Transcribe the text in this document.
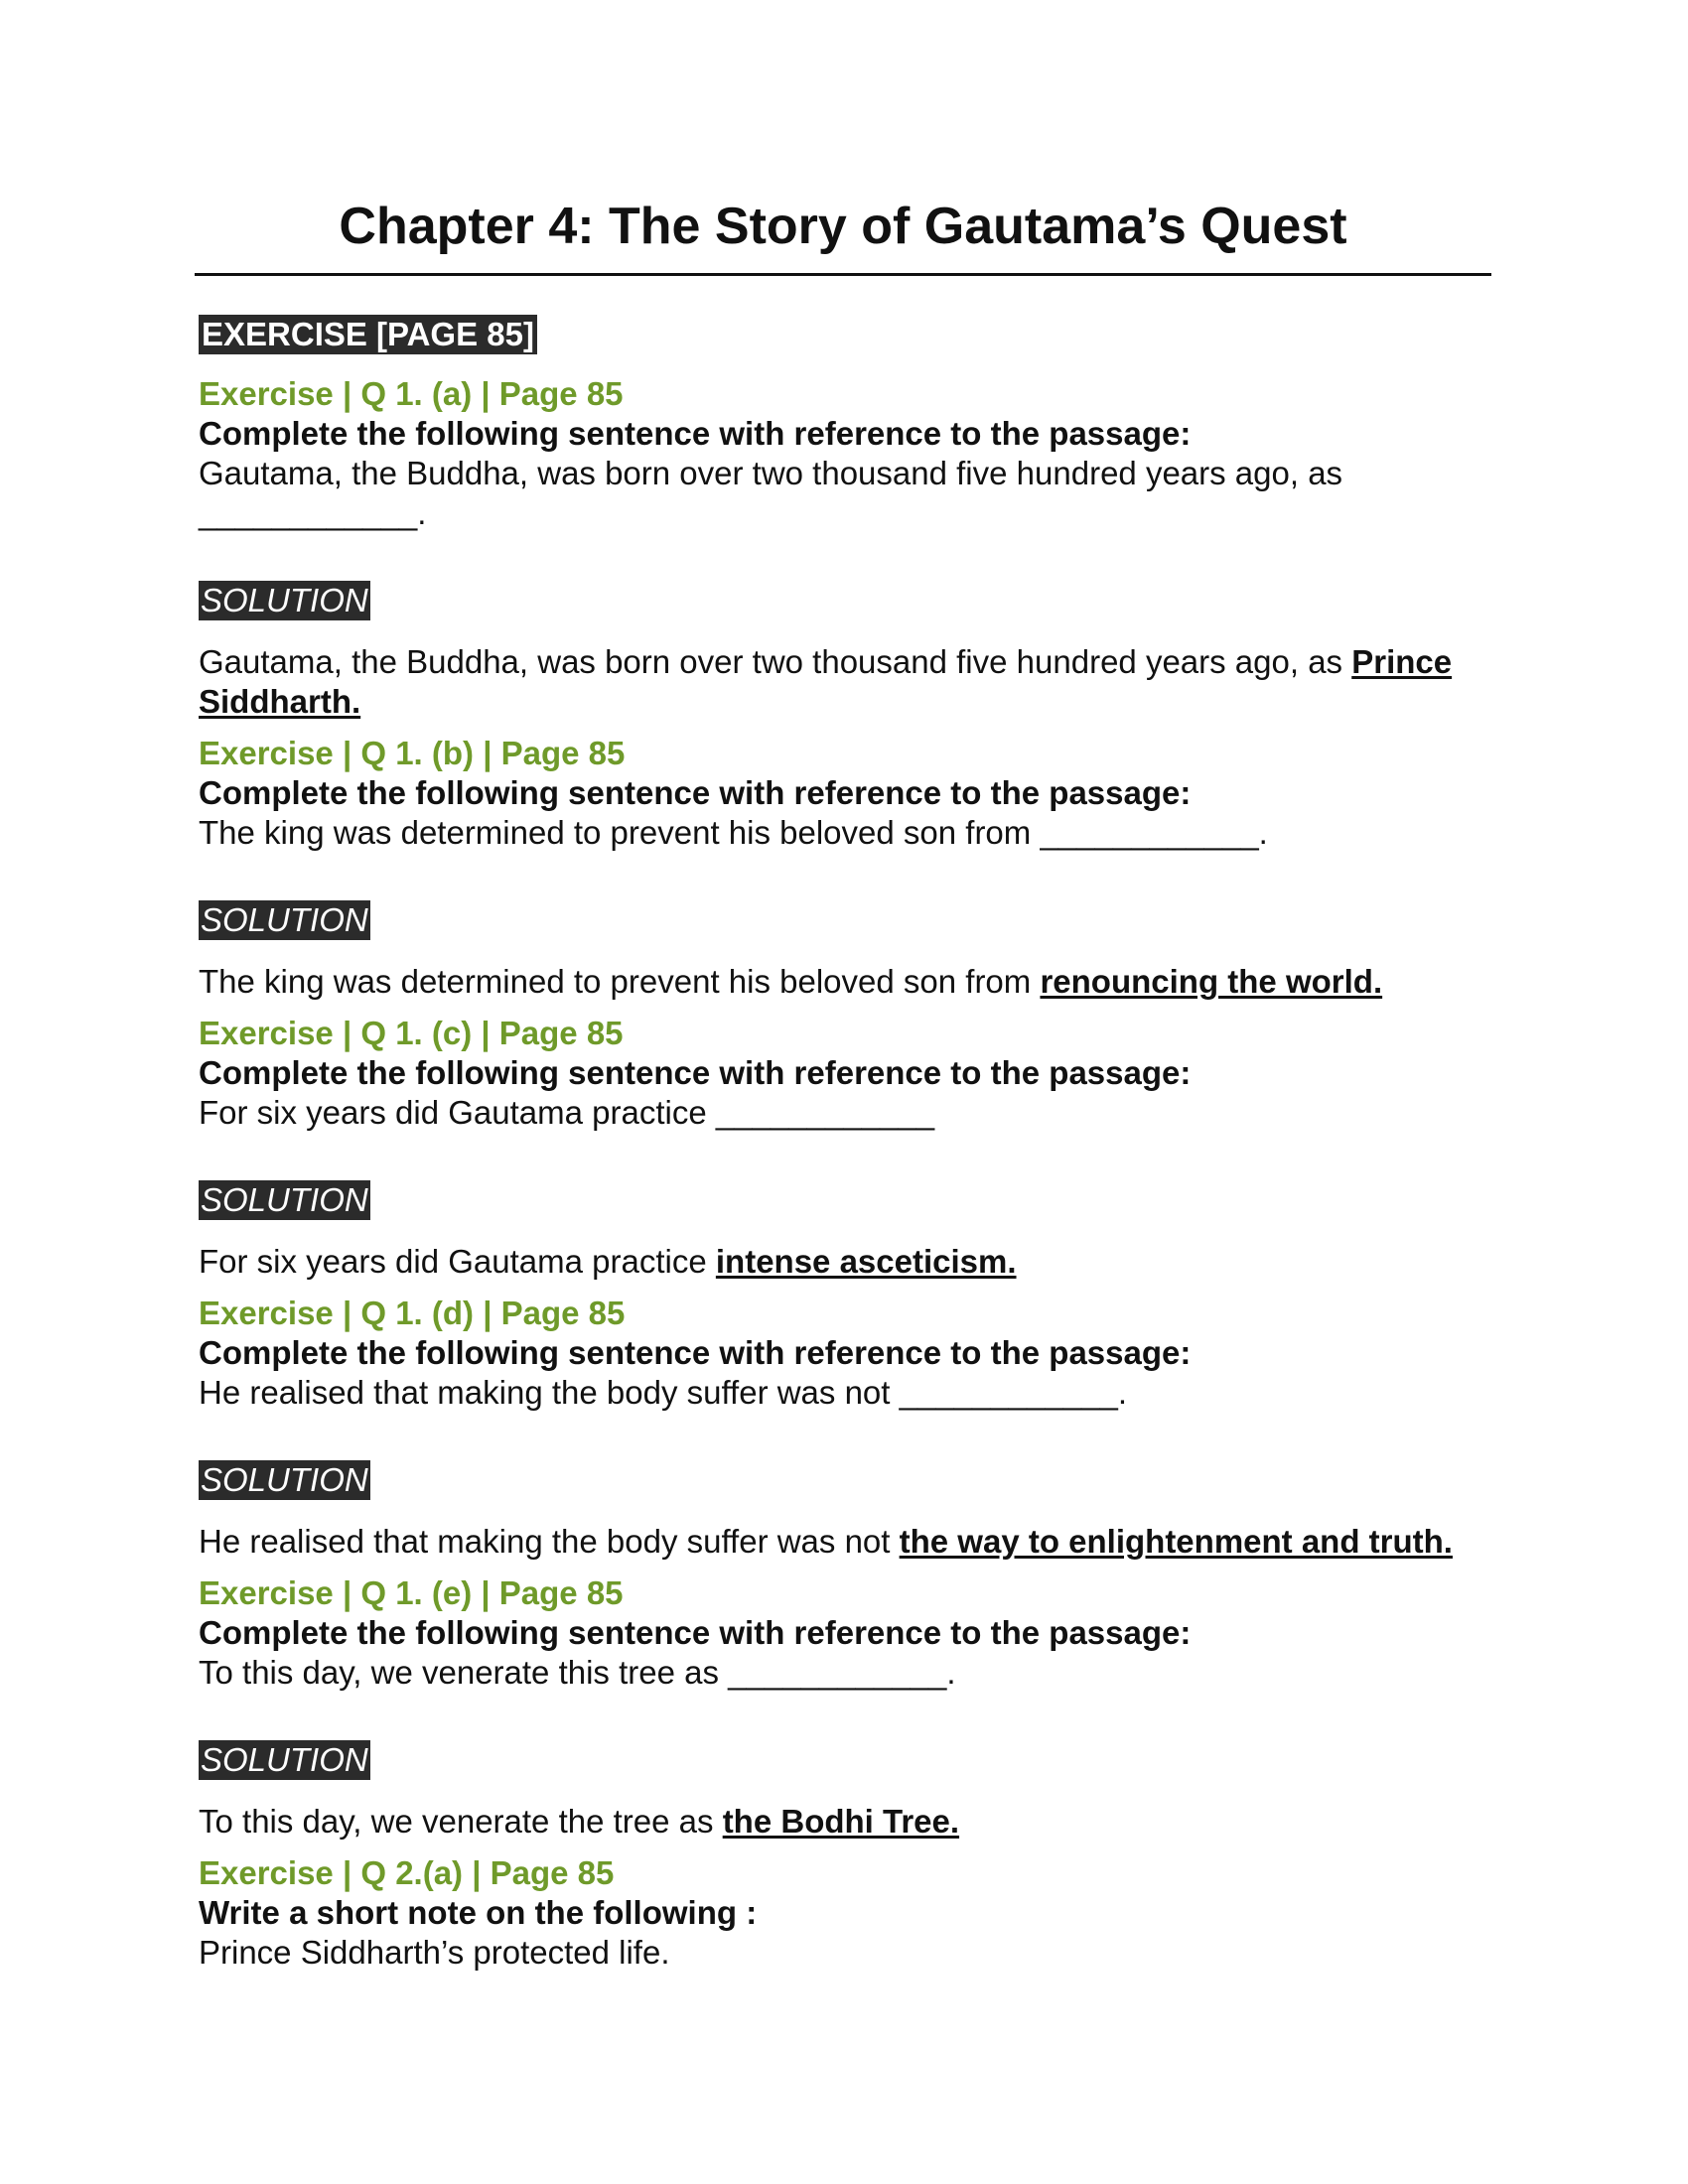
Chapter 4: The Story of Gautama’s Quest
EXERCISE [PAGE 85]
Exercise | Q 1. (a) | Page 85
Complete the following sentence with reference to the passage:
Gautama, the Buddha, was born over two thousand five hundred years ago, as ____________.
SOLUTION
Gautama, the Buddha, was born over two thousand five hundred years ago, as Prince Siddharth.
Exercise | Q 1. (b) | Page 85
Complete the following sentence with reference to the passage:
The king was determined to prevent his beloved son from ____________.
SOLUTION
The king was determined to prevent his beloved son from renouncing the world.
Exercise | Q 1. (c) | Page 85
Complete the following sentence with reference to the passage:
For six years did Gautama practice ____________
SOLUTION
For six years did Gautama practice intense asceticism.
Exercise | Q 1. (d) | Page 85
Complete the following sentence with reference to the passage:
He realised that making the body suffer was not ____________.
SOLUTION
He realised that making the body suffer was not the way to enlightenment and truth.
Exercise | Q 1. (e) | Page 85
Complete the following sentence with reference to the passage:
To this day, we venerate this tree as ____________.
SOLUTION
To this day, we venerate the tree as the Bodhi Tree.
Exercise | Q 2.(a) | Page 85
Write a short note on the following :
Prince Siddharth’s protected life.
